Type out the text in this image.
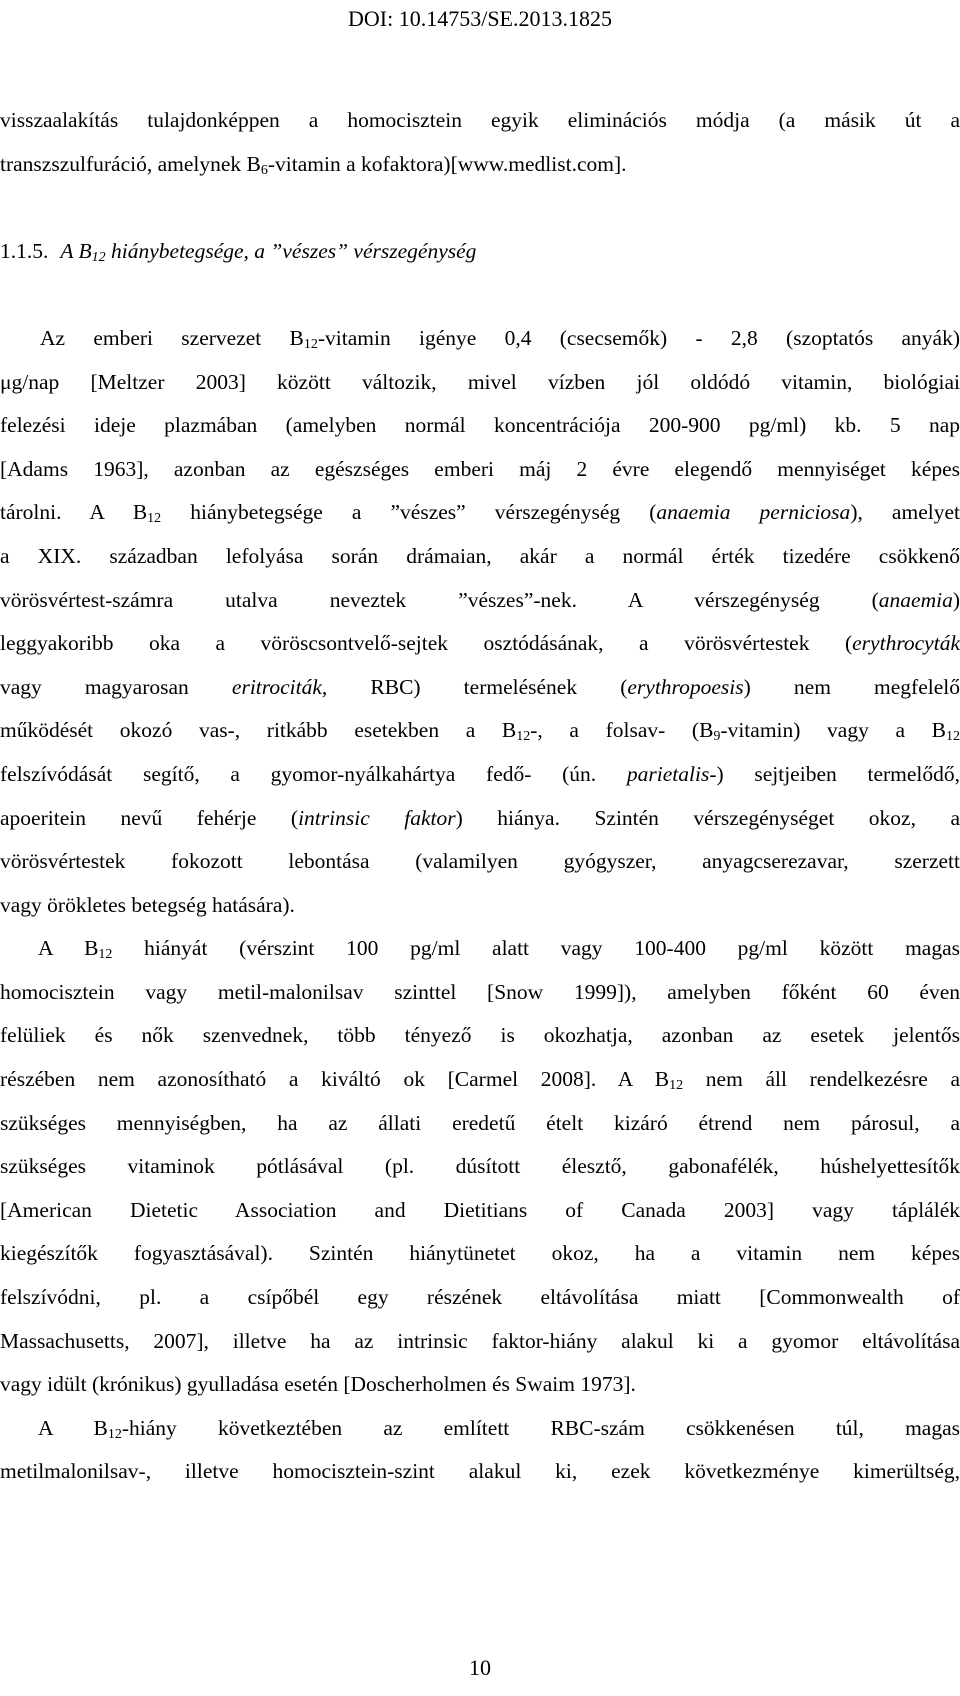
DOI: 10.14753/SE.2013.1825
visszaalakítás tulajdonképpen a homocisztein egyik eliminációs módja (a másik út a
transzszulfuráció, amelynek $B_6$-vitamin a kofaktora)[www.medlist.com].
1.1.5. A $B_{12}$ hiánybetegsége, a ”vészes” vérszegénység
Az emberi szervezet $B_{12}$-vitamin igénye 0,4 (csecsemők) - 2,8 (szoptatós anyák)
μg/nap [Meltzer 2003] között változik, mivel vízben jól oldódó vitamin, biológiai
felezési ideje plazmában (amelyben normál koncentrációja 200-900 pg/ml) kb. 5 nap
[Adams 1963], azonban az egészséges emberi máj 2 évre elegendő mennyiséget képes
tárolni. A $B_{12}$ hiánybetegsége a ”vészes” vérszegénység (anaemia perniciosa), amelyet
a XIX. században lefolyása során drámaian, akár a normál érték tizedére csökkenő
vörösvértest-számra utalva neveztek ”vészes”-nek. A vérszegénység (anaemia)
leggyakoribb oka a vöröscsontvelő-sejtek osztódásának, a vörösvértestek (erythrocyták
vagy magyarosan eritrociták, RBC) termelésének (erythropoesis) nem megfelelő
működését okozó vas-, ritkább esetekben a $B_{12}-$, a folsav- $(B_9-vitamin)$ vagy a $B_{12}$
felszívódását segítő, a gyomor-nyálkahártya fedő- (ún. parietalis-) sejtjeiben termelődő,
apoeritein nevű fehérje (intrinsic faktor) hiánya. Szintén vérszegénységet okoz, a
vörösvértestek fokozott lebontása (valamilyen gyógyszer, anyagcserezavar, szerzett
vagy örökletes betegség hatására).
A $B_{12}$ hiányát (vérszint 100 pg/ml alatt vagy 100-400 pg/ml között magas
homocisztein vagy metil-malonilsav szinttel [Snow 1999]), amelyben főként 60 éven
felüliek és nők szenvednek, több tényező is okozhatja, azonban az esetek jelentős
részében nem azonosítható a kiváltó ok [Carmel 2008]. A $B_{12}$ nem áll rendelkezésre a
szükséges mennyiségben, ha az állati eredetű ételt kizáró étrend nem párosul, a
szükséges vitaminok pótlásával (pl. dúsított élesztő, gabonafélék, húshelyettesítők
[American Dietetic Association and Dietitians of Canada 2003] vagy táplálék
kiegészítők fogyasztásával). Szintén hiánytünetet okoz, ha a vitamin nem képes
felszívódni, pl. a csípőbél egy részének eltávolítása miatt [Commonwealth of
Massachusetts, 2007], illetve ha az intrinsic faktor-hiány alakul ki a gyomor eltávolítása
vagy idült (krónikus) gyulladása esetén [Doscherholmen és Swaim 1973].
A $B_{12}$-hiány következtében az említett RBC-szám csökkenésen túl, magas
metilmalonilsav-, illetve homocisztein-szint alakul ki, ezek következménye kimerültség,
10
